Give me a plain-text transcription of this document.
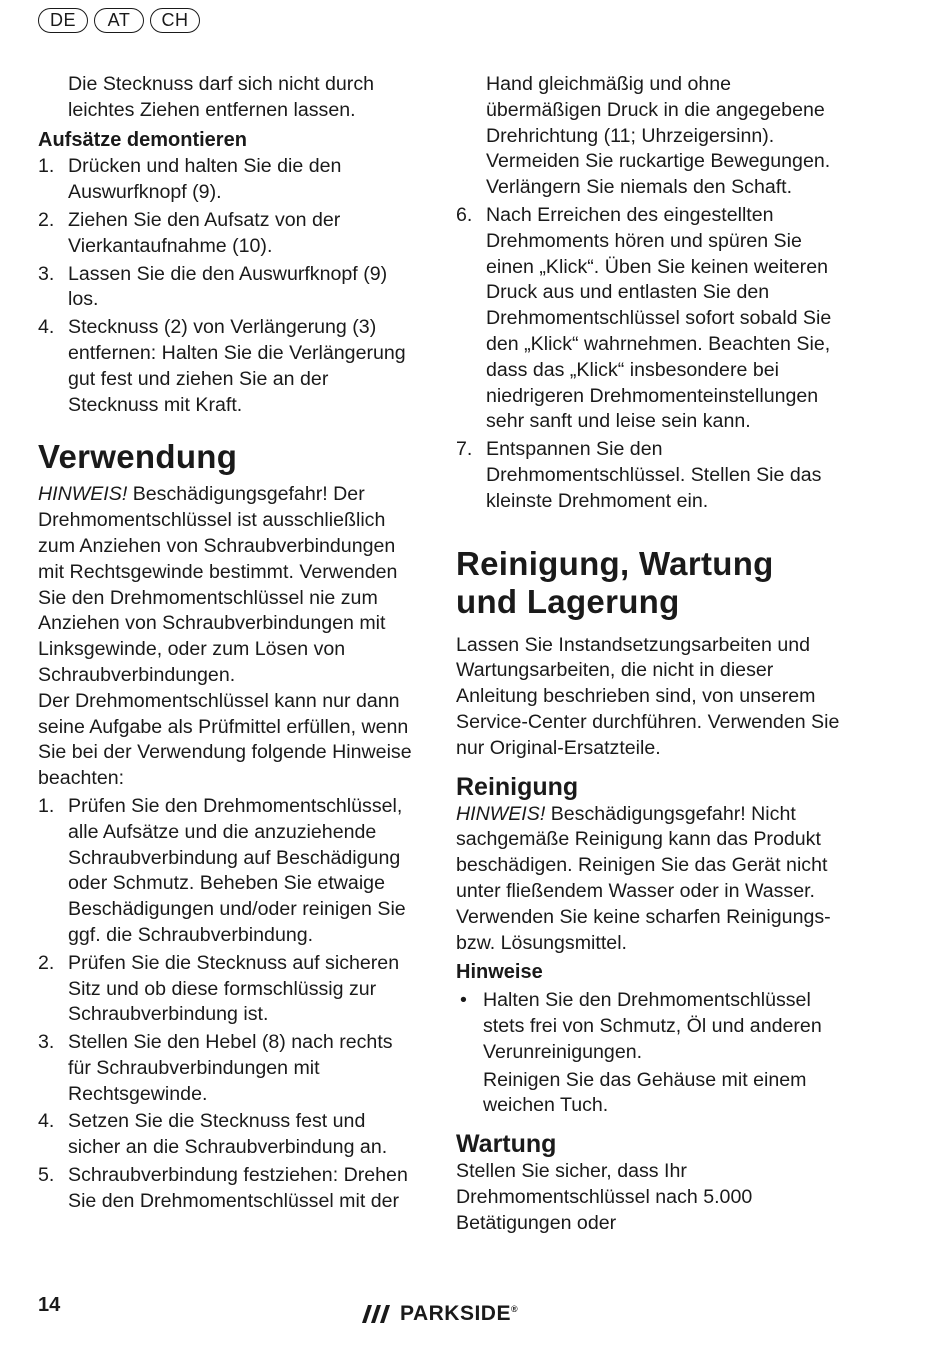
DE	AT	CH

Die Stecknuss darf sich nicht durch leichtes Ziehen entfernen lassen.

Aufsätze demontieren
1. Drücken und halten Sie die den Auswurfknopf (9).
2. Ziehen Sie den Aufsatz von der Vierkantaufnahme (10).
3. Lassen Sie die den Auswurfknopf (9) los.
4. Stecknuss (2) von Verlängerung (3) entfernen: Halten Sie die Verlängerung gut fest und ziehen Sie an der Stecknuss mit Kraft.
Verwendung

HINWEIS! Beschädigungsgefahr! Der Drehmomentschlüssel ist ausschließlich zum Anziehen von Schraubverbindungen mit Rechtsgewinde bestimmt. Verwenden Sie den Drehmomentschlüssel nie zum Anziehen von Schraubverbindungen mit Linksgewinde, oder zum Lösen von Schraubverbindungen.

Der Drehmomentschlüssel kann nur dann seine Aufgabe als Prüfmittel erfüllen, wenn Sie bei der Verwendung folgende Hinweise beachten:

1. Prüfen Sie den Drehmomentschlüssel, alle Aufsätze und die anzuziehende Schraubverbindung auf Beschädigung oder Schmutz. Beheben Sie etwaige Beschädigungen und/oder reinigen Sie ggf. die Schraubverbindung.
2. Prüfen Sie die Stecknuss auf sicheren Sitz und ob diese formschlüssig zur Schraubverbindung ist.
3. Stellen Sie den Hebel (8) nach rechts für Schraubverbindungen mit Rechtsgewinde.
4. Setzen Sie die Stecknuss fest und sicher an die Schraubverbindung an.
5. Schraubverbindung festziehen: Drehen Sie den Drehmomentschlüssel mit der

Hand gleichmäßig und ohne übermäßigen Druck in die angegebene Drehrichtung (11; Uhrzeigersinn). Vermeiden Sie ruckartige Bewegungen. Verlängern Sie niemals den Schaft.

6. Nach Erreichen des eingestellten Drehmoments hören und spüren Sie einen „Klick“. Üben Sie keinen weiteren Druck aus und entlasten Sie den Drehmomentschlüssel sofort sobald Sie den „Klick“ wahrnehmen. Beachten Sie, dass das „Klick“ insbesondere bei niedrigeren Drehmomenteinstellungen sehr sanft und leise sein kann.
7. Entspannen Sie den Drehmomentschlüssel. Stellen Sie das kleinste Drehmoment ein.
Reinigung, Wartung
und Lagerung

Lassen Sie Instandsetzungsarbeiten und Wartungsarbeiten, die nicht in dieser Anleitung beschrieben sind, von unserem Service-Center durchführen. Verwenden Sie nur Original-Ersatzteile.

Reinigung

HINWEIS! Beschädigungsgefahr! Nicht sachgemäße Reinigung kann das Produkt beschädigen. Reinigen Sie das Gerät nicht unter fließendem Wasser oder in Wasser. Verwenden Sie keine scharfen Reinigungs- bzw. Lösungsmittel.

Hinweise
• Halten Sie den Drehmomentschlüssel stets frei von Schmutz, Öl und anderen Verunreinigungen.

Reinigen Sie das Gehäuse mit einem weichen Tuch.

Wartung

Stellen Sie sicher, dass Ihr Drehmomentschlüssel nach 5.000 Betätigungen oder

14	PARKSIDE®
